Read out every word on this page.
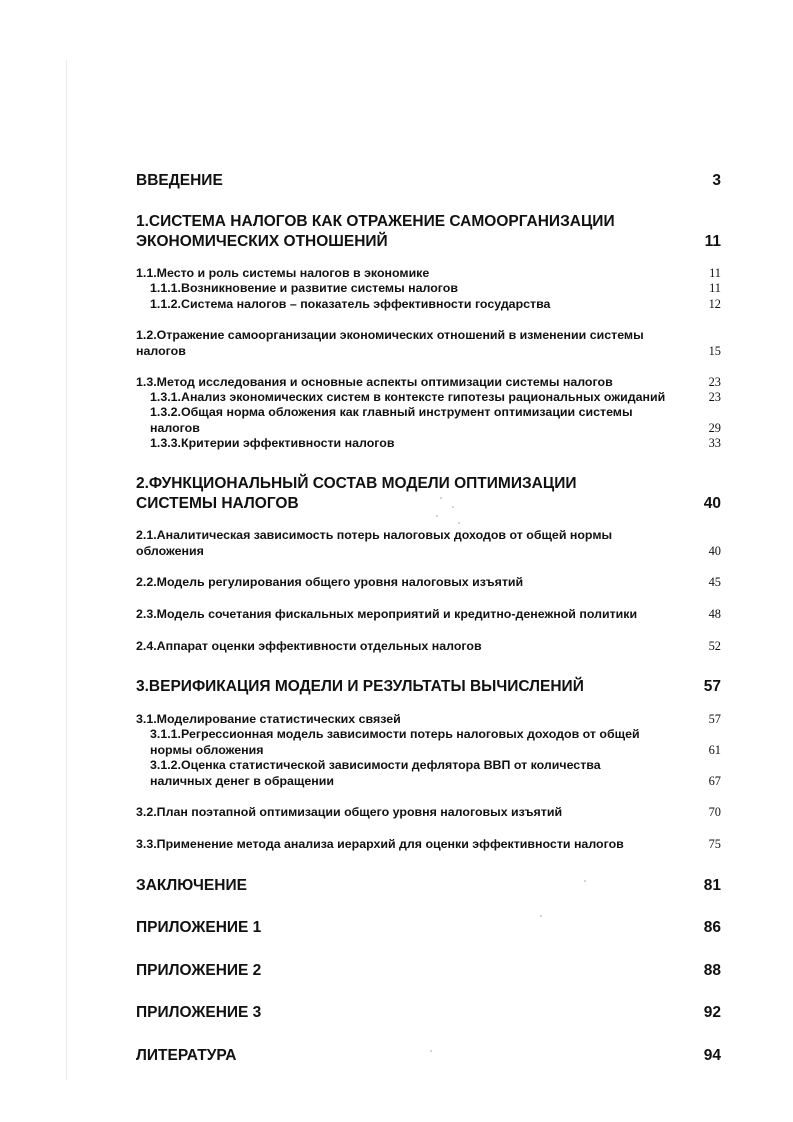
ВВЕДЕНИЕ	3
1.СИСТЕМА НАЛОГОВ КАК ОТРАЖЕНИЕ САМООРГАНИЗАЦИИ ЭКОНОМИЧЕСКИХ ОТНОШЕНИЙ	11
1.1.Место и роль системы налогов в экономике	11
1.1.1.Возникновение и развитие системы налогов	11
1.1.2.Система налогов – показатель эффективности государства	12
1.2.Отражение самоорганизации экономических отношений в изменении системы налогов	15
1.3.Метод исследования и основные аспекты оптимизации системы налогов	23
1.3.1.Анализ экономических систем в контексте гипотезы рациональных ожиданий	23
1.3.2.Общая норма обложения как главный инструмент оптимизации системы налогов	29
1.3.3.Критерии эффективности налогов	33
2.ФУНКЦИОНАЛЬНЫЙ СОСТАВ МОДЕЛИ ОПТИМИЗАЦИИ СИСТЕМЫ НАЛОГОВ	40
2.1.Аналитическая зависимость потерь налоговых доходов от общей нормы обложения	40
2.2.Модель регулирования общего уровня налоговых изъятий	45
2.3.Модель сочетания фискальных мероприятий и кредитно-денежной политики	48
2.4.Аппарат оценки эффективности отдельных налогов	52
3.ВЕРИФИКАЦИЯ МОДЕЛИ И РЕЗУЛЬТАТЫ ВЫЧИСЛЕНИЙ	57
3.1.Моделирование статистических связей	57
3.1.1.Регрессионная модель зависимости потерь налоговых доходов от общей нормы обложения	61
3.1.2.Оценка статистической зависимости дефлятора ВВП от количества наличных денег в обращении	67
3.2.План поэтапной оптимизации общего уровня налоговых изъятий	70
3.3.Применение метода анализа иерархий для оценки эффективности налогов	75
ЗАКЛЮЧЕНИЕ	81
ПРИЛОЖЕНИЕ 1	86
ПРИЛОЖЕНИЕ 2	88
ПРИЛОЖЕНИЕ 3	92
ЛИТЕРАТУРА	94
